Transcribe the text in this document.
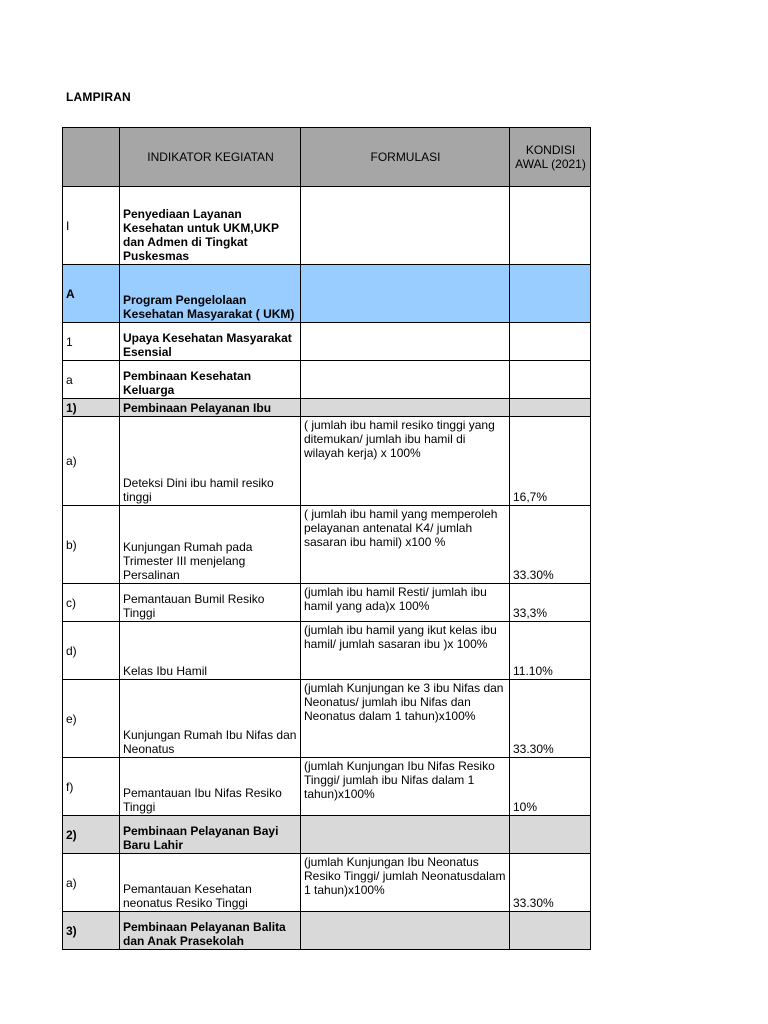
LAMPIRAN
	INDIKATOR KEGIATAN	FORMULASI	KONDISI AWAL (2021)
I	Penyediaan Layanan Kesehatan untuk UKM,UKP dan Admen di Tingkat Puskesmas		
A	Program Pengelolaan Kesehatan Masyarakat ( UKM)		
1	Upaya Kesehatan Masyarakat Esensial		
a	Pembinaan Kesehatan Keluarga		
1)	Pembinaan Pelayanan Ibu		
a)	Deteksi Dini ibu hamil resiko tinggi	( jumlah ibu hamil resiko tinggi yang ditemukan/ jumlah ibu hamil di wilayah kerja) x 100%	16,7%
b)	Kunjungan Rumah pada Trimester III menjelang Persalinan	( jumlah ibu hamil yang memperoleh pelayanan antenatal K4/ jumlah sasaran ibu hamil) x100 %	33.30%
c)	Pemantauan Bumil Resiko Tinggi	(jumlah ibu hamil Resti/ jumlah ibu hamil yang ada)x 100%	33,3%
d)	Kelas Ibu Hamil	(jumlah ibu hamil yang ikut kelas ibu hamil/ jumlah sasaran ibu )x 100%	11.10%
e)	Kunjungan Rumah Ibu Nifas dan Neonatus	(jumlah Kunjungan ke 3 ibu Nifas dan Neonatus/ jumlah ibu Nifas dan Neonatus dalam 1 tahun)x100%	33.30%
f)	Pemantauan Ibu Nifas Resiko Tinggi	(jumlah Kunjungan Ibu Nifas Resiko Tinggi/ jumlah ibu Nifas dalam 1 tahun)x100%	10%
2)	Pembinaan Pelayanan Bayi Baru Lahir		
a)	Pemantauan Kesehatan neonatus Resiko Tinggi	(jumlah Kunjungan Ibu Neonatus Resiko Tinggi/ jumlah Neonatusdalam 1 tahun)x100%	33.30%
3)	Pembinaan Pelayanan Balita dan Anak Prasekolah		
